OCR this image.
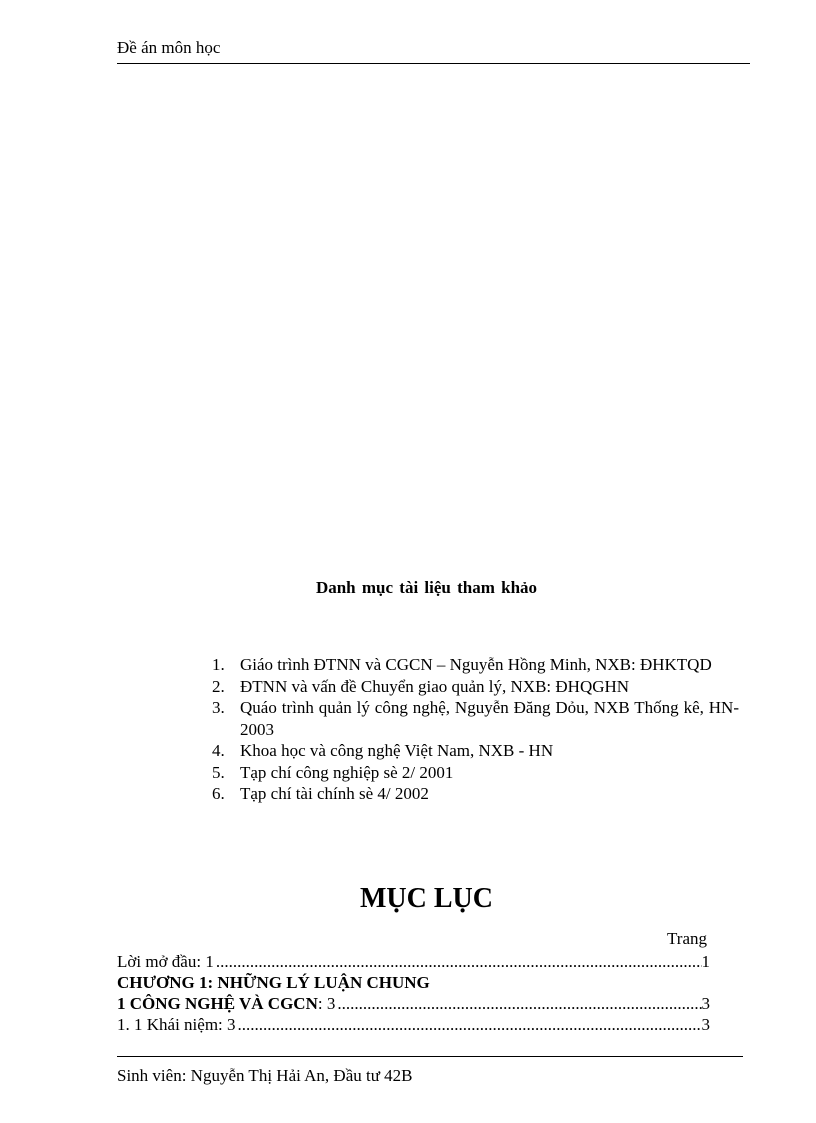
Đề án môn học
Danh mục tài liệu tham khảo
1. Giáo trình ĐTNN và CGCN – Nguyễn Hồng Minh, NXB: ĐHKTQD
2. ĐTNN và vấn đề Chuyển giao quản lý, NXB: ĐHQGHN
3. Quáo trình quản lý công nghệ, Nguyễn Đăng Dỏu, NXB Thống kê, HN- 2003
4. Khoa học và công nghệ Việt Nam, NXB - HN
5. Tạp chí công nghiệp sè 2/ 2001
6. Tạp chí tài chính sè 4/ 2002
MỤC LỤC
Trang
Lời mở đầu: 1 .....	1
CHƯƠNG 1: NHỮNG LÝ LUẬN CHUNG
1 CÔNG NGHỆ VÀ CGCN : 3 .....	3
1. 1 Khái niệm: 3 .....	3
Sinh viên: Nguyễn Thị Hải An, Đầu tư 42B
